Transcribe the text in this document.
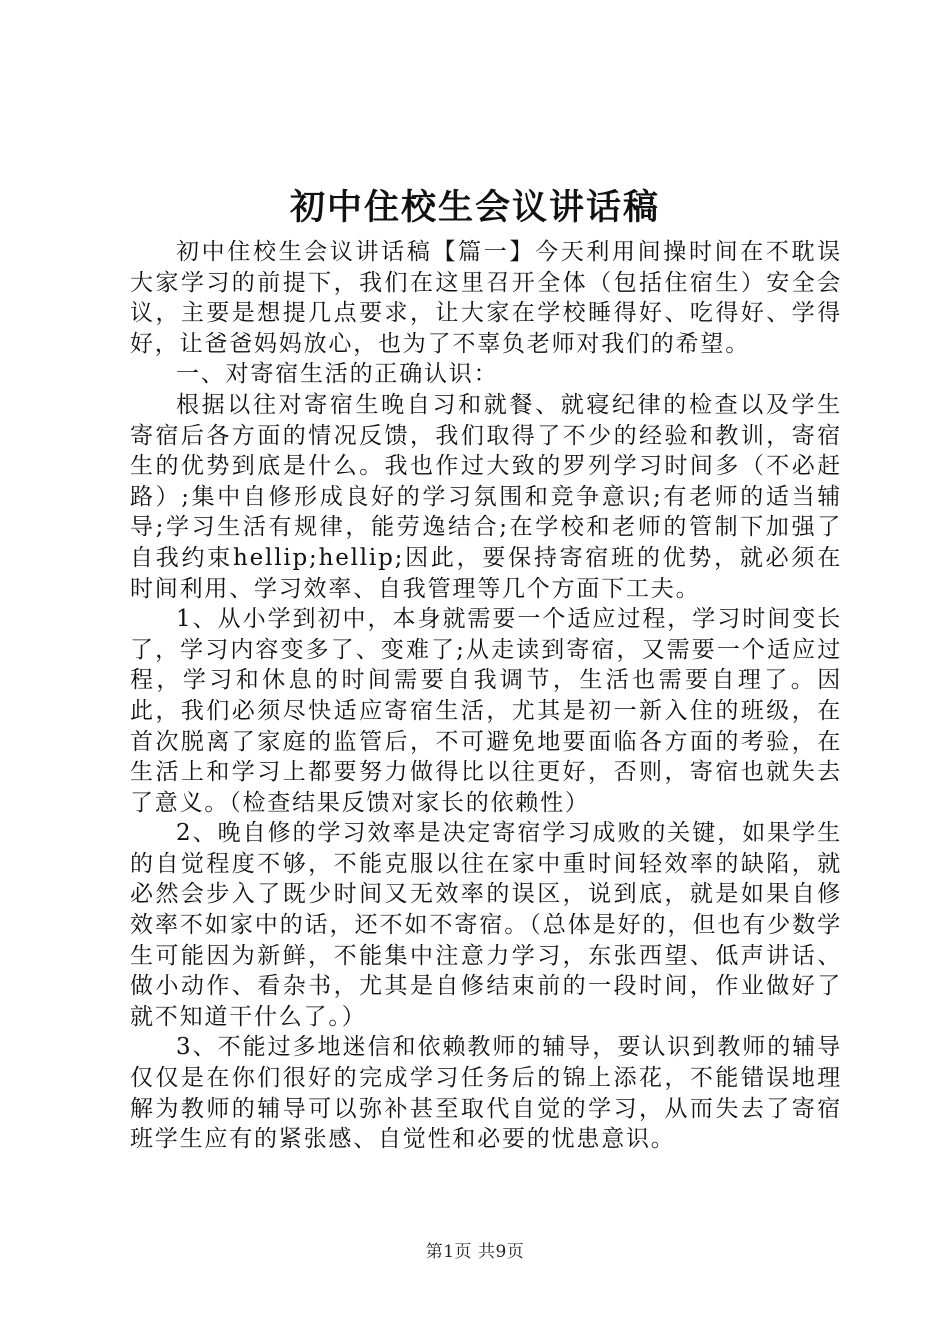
初中住校生会议讲话稿

初中住校生会议讲话稿【篇一】今天利用间操时间在不耽误大家学习的前提下，我们在这里召开全体（包括住宿生）安全会议，主要是想提几点要求，让大家在学校睡得好、吃得好、学得好，让爸爸妈妈放心，也为了不辜负老师对我们的希望。

一、对寄宿生活的正确认识：

根据以往对寄宿生晚自习和就餐、就寝纪律的检查以及学生寄宿后各方面的情况反馈，我们取得了不少的经验和教训，寄宿生的优势到底是什么。我也作过大致的罗列学习时间多（不必赶路）;集中自修形成良好的学习氛围和竞争意识;有老师的适当辅导;学习生活有规律，能劳逸结合;在学校和老师的管制下加强了自我约束hellip;hellip;因此，要保持寄宿班的优势，就必须在时间利用、学习效率、自我管理等几个方面下工夫。

1、从小学到初中，本身就需要一个适应过程，学习时间变长了，学习内容变多了、变难了;从走读到寄宿，又需要一个适应过程，学习和休息的时间需要自我调节，生活也需要自理了。因此，我们必须尽快适应寄宿生活，尤其是初一新入住的班级，在首次脱离了家庭的监管后，不可避免地要面临各方面的考验，在生活上和学习上都要努力做得比以往更好，否则，寄宿也就失去了意义。（检查结果反馈对家长的依赖性）

2、晚自修的学习效率是决定寄宿学习成败的关键，如果学生的自觉程度不够，不能克服以往在家中重时间轻效率的缺陷，就必然会步入了既少时间又无效率的误区，说到底，就是如果自修效率不如家中的话，还不如不寄宿。（总体是好的，但也有少数学生可能因为新鲜，不能集中注意力学习，东张西望、低声讲话、做小动作、看杂书，尤其是自修结束前的一段时间，作业做好了就不知道干什么了。）

3、不能过多地迷信和依赖教师的辅导，要认识到教师的辅导仅仅是在你们很好的完成学习任务后的锦上添花，不能错误地理解为教师的辅导可以弥补甚至取代自觉的学习，从而失去了寄宿班学生应有的紧张感、自觉性和必要的忧患意识。

第1页 共9页
